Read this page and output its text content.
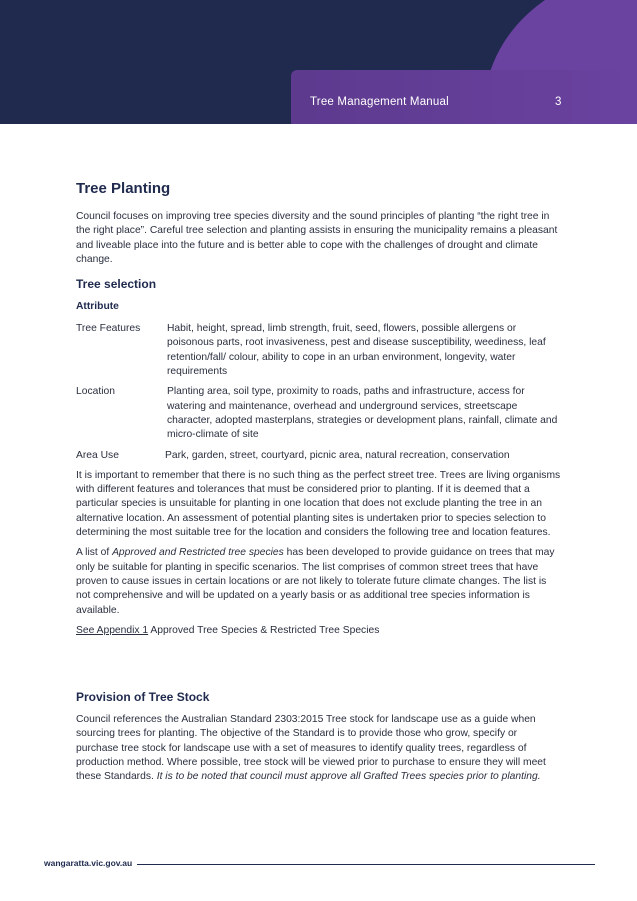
Tree Management Manual	3
Tree Planting

Council focuses on improving tree species diversity and the sound principles of planting “the right tree in the right place”. Careful tree selection and planting assists in ensuring the municipality remains a pleasant and liveable place into the future and is better able to cope with the challenges of drought and climate change.

Tree selection
Attribute
Tree Features	Habit, height, spread, limb strength, fruit, seed, flowers, possible allergens or poisonous parts, root invasiveness, pest and disease susceptibility, weediness, leaf retention/fall/ colour, ability to cope in an urban environment, longevity, water requirements
Location	Planting area, soil type, proximity to roads, paths and infrastructure, access for watering and maintenance, overhead and underground services, streetscape character, adopted masterplans, strategies or development plans, rainfall, climate and micro-climate of site
Area Use	Park, garden, street, courtyard, picnic area, natural recreation, conservation

It is important to remember that there is no such thing as the perfect street tree. Trees are living organisms with different features and tolerances that must be considered prior to planting. If it is deemed that a particular species is unsuitable for planting in one location that does not exclude planting the tree in an alternative location. An assessment of potential planting sites is undertaken prior to species selection to determining the most suitable tree for the location and considers the following tree and location features.

A list of Approved and Restricted tree species has been developed to provide guidance on trees that may only be suitable for planting in specific scenarios. The list comprises of common street trees that have proven to cause issues in certain locations or are not likely to tolerate future climate changes. The list is not comprehensive and will be updated on a yearly basis or as additional tree species information is available.

See Appendix 1 Approved Tree Species & Restricted Tree Species

Provision of Tree Stock

Council references the Australian Standard 2303:2015 Tree stock for landscape use as a guide when sourcing trees for planting. The objective of the Standard is to provide those who grow, specify or purchase tree stock for landscape use with a set of measures to identify quality trees, regardless of production method. Where possible, tree stock will be viewed prior to purchase to ensure they will meet these Standards. It is to be noted that council must approve all Grafted Trees species prior to planting.

wangaratta.vic.gov.au
